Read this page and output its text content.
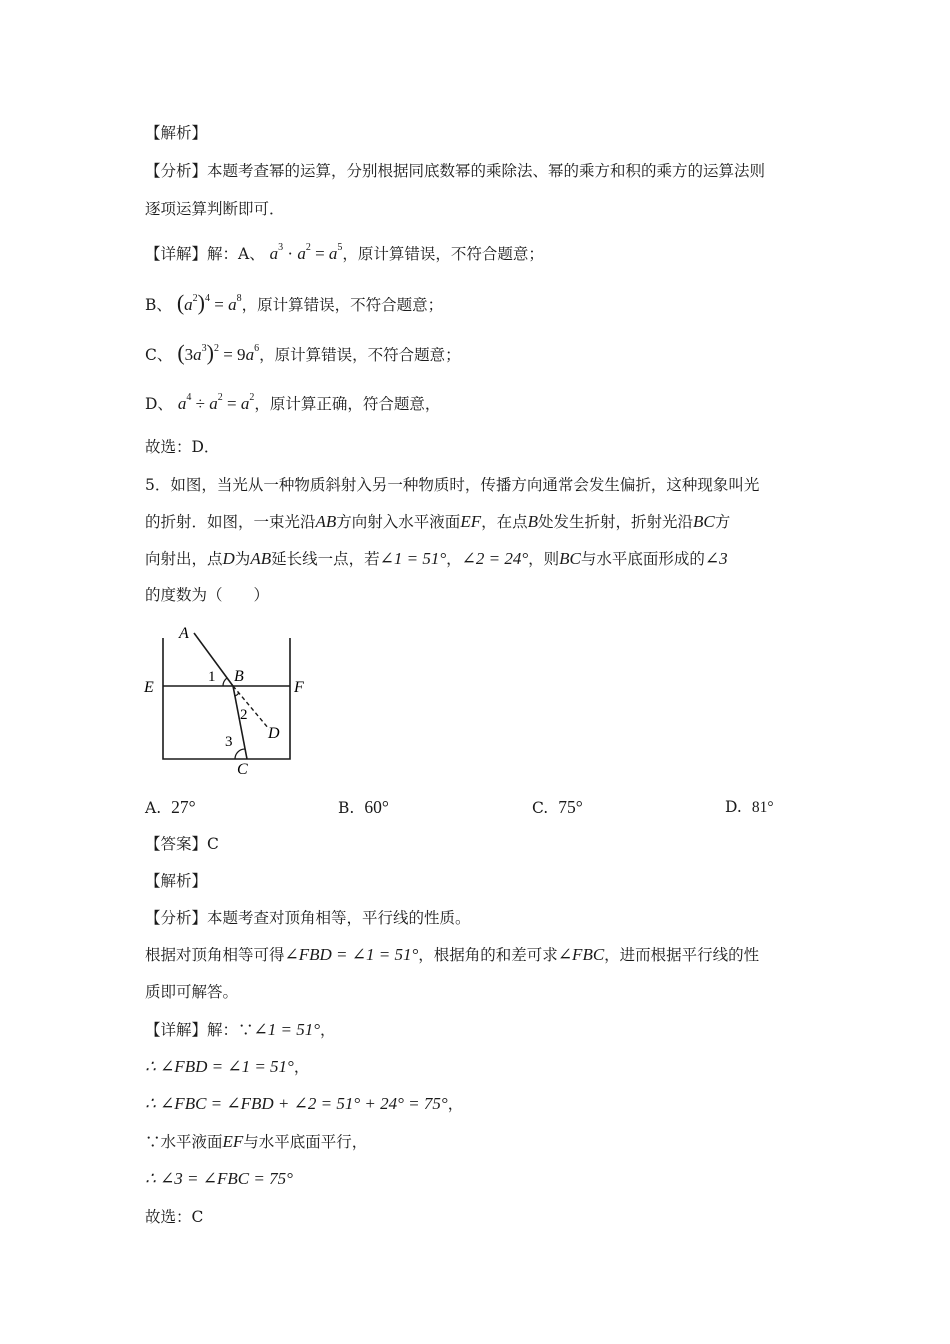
【解析】
【分析】本题考查幂的运算，分别根据同底数幂的乘除法、幂的乘方和积的乘方的运算法则
逐项运算判断即可．
【详解】解：A、 $a^3 \cdot a^2 = a^5$，原计算错误，不符合题意；
B、 $(a^2)^4 = a^8$，原计算错误，不符合题意；
C、 $(3a^3)^2 = 9a^6$，原计算错误，不符合题意；
D、 $a^4 \div a^2 = a^2$，原计算正确，符合题意，
故选：D．
5．如图，当光从一种物质斜射入另一种物质时，传播方向通常会发生偏折，这种现象叫光
的折射．如图，一束光沿AB方向射入水平液面EF，在点B处发生折射，折射光沿BC方
向射出，点D为AB延长线一点，若∠1 = 51°，∠2 = 24°，则BC与水平底面形成的∠3
的度数为（　　）
A
B
E	F
D
C
1
2
3
A. 27°	B. 60°	C. 75°	D. 81°
【答案】C
【解析】
【分析】本题考查对顶角相等，平行线的性质。
根据对顶角相等可得∠FBD = ∠1 = 51°，根据角的和差可求∠FBC，进而根据平行线的性
质即可解答。
【详解】解：∵∠1 = 51°，
∴ ∠FBD = ∠1 = 51°，
∴ ∠FBC = ∠FBD + ∠2 = 51° + 24° = 75°，
∵水平液面EF与水平底面平行，
∴ ∠3 = ∠FBC = 75°
故选：C
